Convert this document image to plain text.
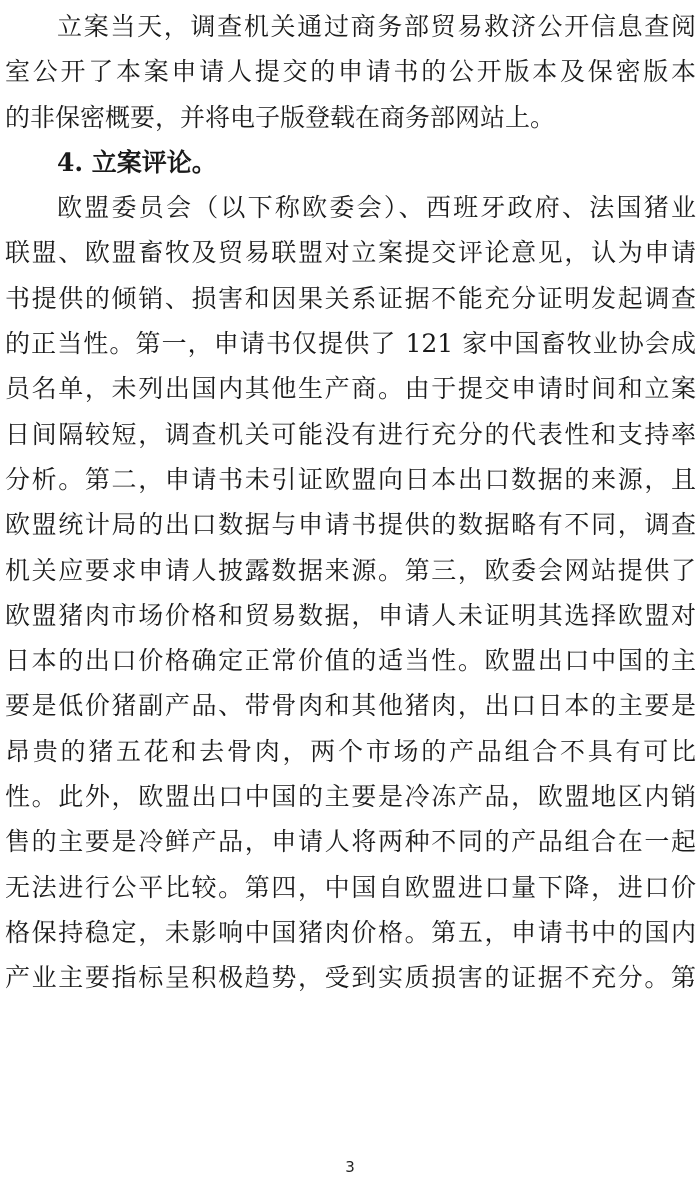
立案当天，调查机关通过商务部贸易救济公开信息查阅
室公开了本案申请人提交的申请书的公开版本及保密版本
的非保密概要，并将电子版登载在商务部网站上。
4. 立案评论。
欧盟委员会（以下称欧委会）、西班牙政府、法国猪业
联盟、欧盟畜牧及贸易联盟对立案提交评论意见，认为申请
书提供的倾销、损害和因果关系证据不能充分证明发起调查
的正当性。第一，申请书仅提供了 121 家中国畜牧业协会成
员名单，未列出国内其他生产商。由于提交申请时间和立案
日间隔较短，调查机关可能没有进行充分的代表性和支持率
分析。第二，申请书未引证欧盟向日本出口数据的来源，且
欧盟统计局的出口数据与申请书提供的数据略有不同，调查
机关应要求申请人披露数据来源。第三，欧委会网站提供了
欧盟猪肉市场价格和贸易数据，申请人未证明其选择欧盟对
日本的出口价格确定正常价值的适当性。欧盟出口中国的主
要是低价猪副产品、带骨肉和其他猪肉，出口日本的主要是
昂贵的猪五花和去骨肉，两个市场的产品组合不具有可比
性。此外，欧盟出口中国的主要是冷冻产品，欧盟地区内销
售的主要是冷鲜产品，申请人将两种不同的产品组合在一起
无法进行公平比较。第四，中国自欧盟进口量下降，进口价
格保持稳定，未影响中国猪肉价格。第五，申请书中的国内
产业主要指标呈积极趋势，受到实质损害的证据不充分。第
3
